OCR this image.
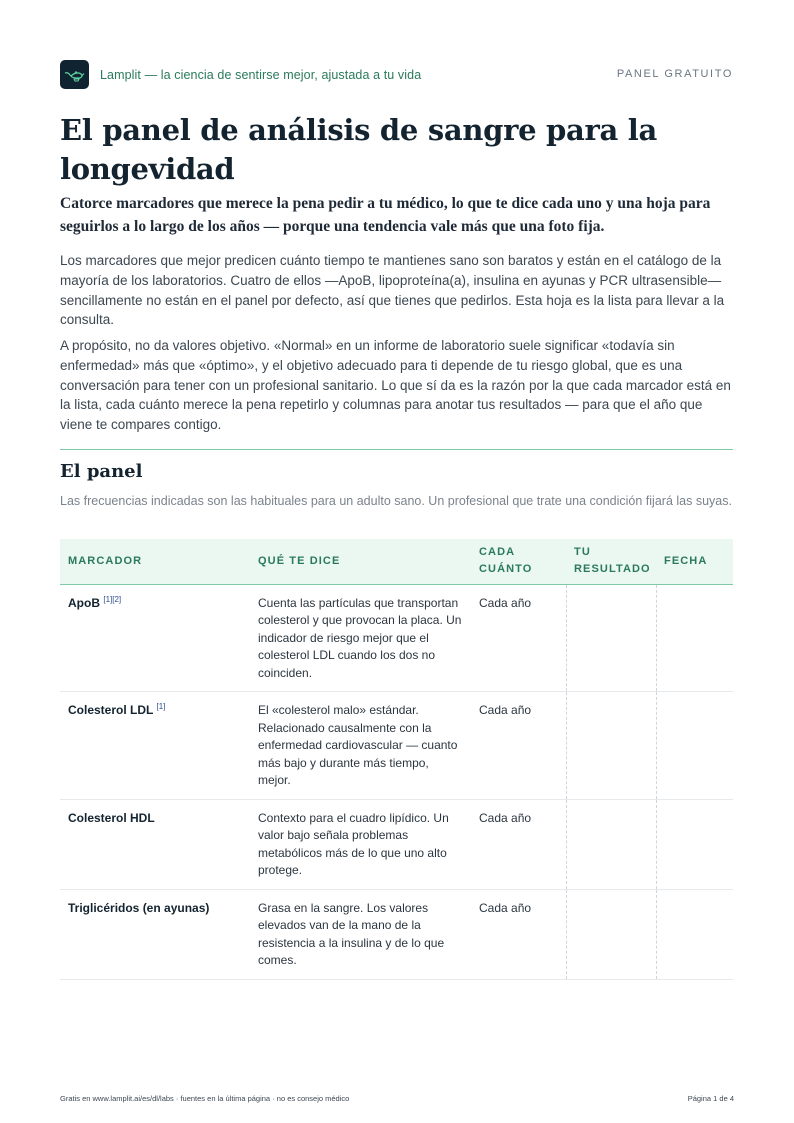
Lamplit — la ciencia de sentirse mejor, ajustada a tu vida	PANEL GRATUITO
El panel de análisis de sangre para la longevidad

Catorce marcadores que merece la pena pedir a tu médico, lo que te dice cada uno y una hoja para seguirlos a lo largo de los años — porque una tendencia vale más que una foto fija.

Los marcadores que mejor predicen cuánto tiempo te mantienes sano son baratos y están en el catálogo de la mayoría de los laboratorios. Cuatro de ellos —ApoB, lipoproteína(a), insulina en ayunas y PCR ultrasensible— sencillamente no están en el panel por defecto, así que tienes que pedirlos. Esta hoja es la lista para llevar a la consulta.

A propósito, no da valores objetivo. «Normal» en un informe de laboratorio suele significar «todavía sin enfermedad» más que «óptimo», y el objetivo adecuado para ti depende de tu riesgo global, que es una conversación para tener con un profesional sanitario. Lo que sí da es la razón por la que cada marcador está en la lista, cada cuánto merece la pena repetirlo y columnas para anotar tus resultados — para que el año que viene te compares contigo.

El panel

Las frecuencias indicadas son las habituales para un adulto sano. Un profesional que trate una condición fijará las suyas.

MARCADOR	QUÉ TE DICE	CADA CUÁNTO	TU RESULTADO	FECHA
ApoB [1][2]	Cuenta las partículas que transportan colesterol y que provocan la placa. Un indicador de riesgo mejor que el colesterol LDL cuando los dos no coinciden.	Cada año		
Colesterol LDL [1]	El «colesterol malo» estándar. Relacionado causalmente con la enfermedad cardiovascular — cuanto más bajo y durante más tiempo, mejor.	Cada año		
Colesterol HDL	Contexto para el cuadro lipídico. Un valor bajo señala problemas metabólicos más de lo que uno alto protege.	Cada año		
Triglicéridos (en ayunas)	Grasa en la sangre. Los valores elevados van de la mano de la resistencia a la insulina y de lo que comes.	Cada año		
Gratis en www.lamplit.ai/es/dl/labs · fuentes en la última página · no es consejo médico	Página 1 de 4
